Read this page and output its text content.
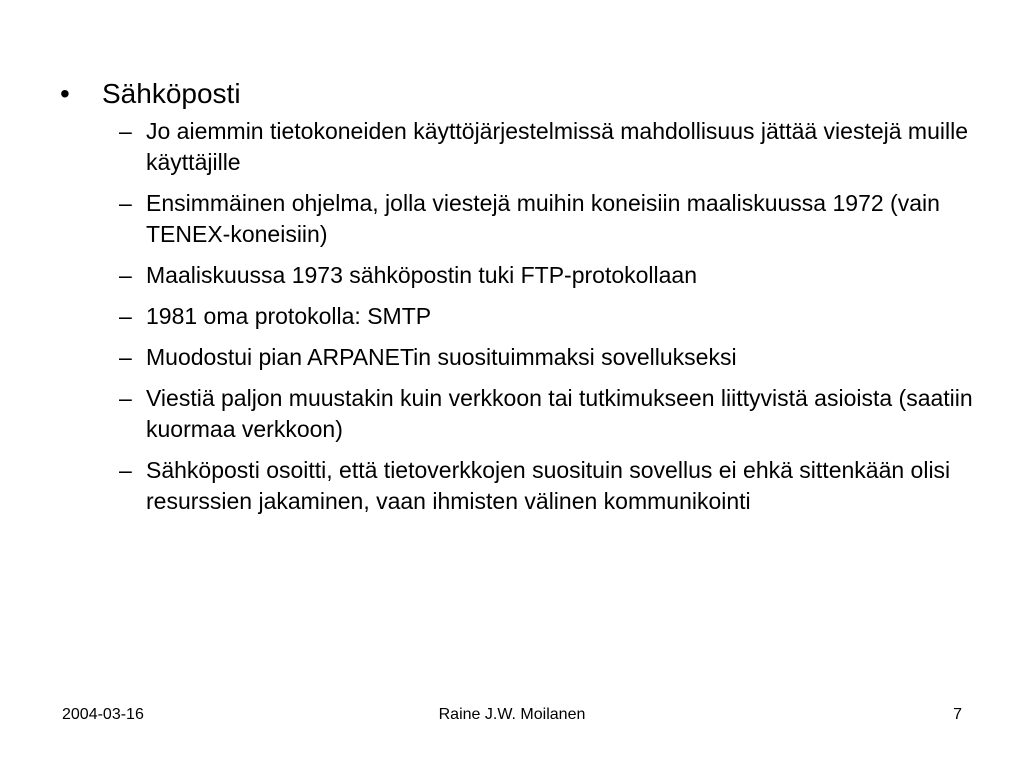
•	Sähköposti
– Jo aiemmin tietokoneiden käyttöjärjestelmissä mahdollisuus jättää viestejä muille käyttäjille
– Ensimmäinen ohjelma, jolla viestejä muihin koneisiin maaliskuussa 1972 (vain TENEX-koneisiin)
– Maaliskuussa 1973 sähköpostin tuki FTP-protokollaan
– 1981 oma protokolla: SMTP
– Muodostui pian ARPANETin suosituimmaksi sovellukseksi
– Viestiä paljon muustakin kuin verkkoon tai tutkimukseen liittyvistä asioista (saatiin kuormaa verkkoon)
– Sähköposti osoitti, että tietoverkkojen suosituin sovellus ei ehkä sittenkään olisi resurssien jakaminen, vaan ihmisten välinen kommunikointi
2004-03-16	Raine J.W. Moilanen	7
